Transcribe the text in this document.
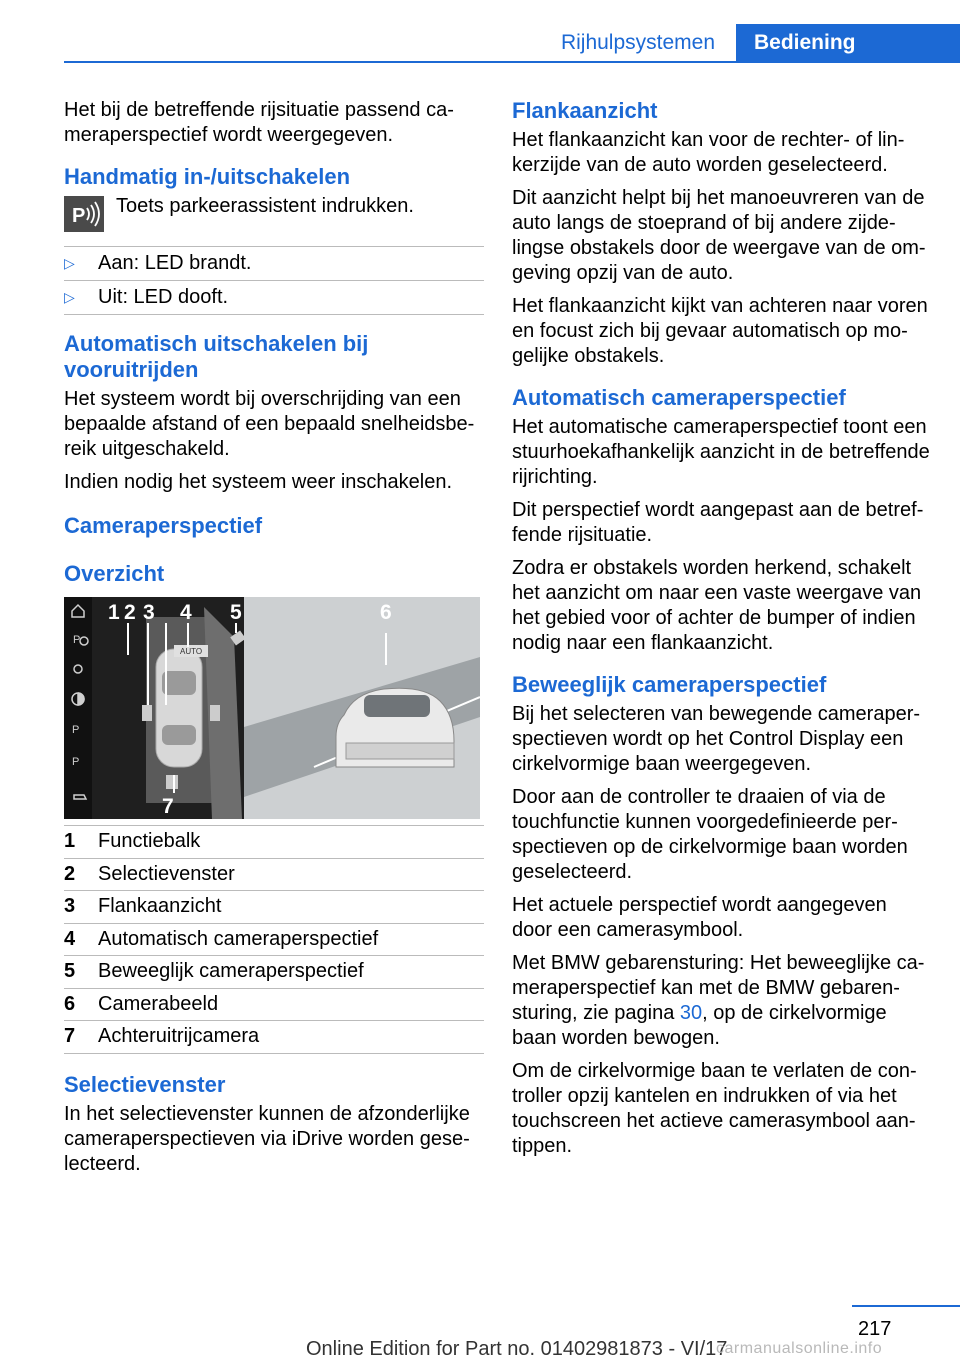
Rijhulpsystemen	Bediening

Het bij de betreffende rijsituatie passend cameraperspectief wordt weergegeven.

Handmatig in-/uitschakelen
P Toets parkeerassistent indrukken.
▷ Aan: LED brandt.
▷ Uit: LED dooft.
Automatisch uitschakelen bij vooruitrijden

Het systeem wordt bij overschrijding van een bepaalde afstand of een bepaald snelheidsbereik uitgeschakeld.

Indien nodig het systeem weer inschakelen.

Cameraperspectief
Overzicht
P
P
P
AUTO
1 2 3 4 5	6
7
1 Functiebalk
2 Selectievenster
3 Flankaanzicht
4 Automatisch cameraperspectief
5 Beweeglijk cameraperspectief
6 Camerabeeld
7 Achteruitrijcamera
Selectievenster

In het selectievenster kunnen de afzonderlijke cameraperspectieven via iDrive worden geselecteerd.

Flankaanzicht

Het flankaanzicht kan voor de rechter- of linkerzijde van de auto worden geselecteerd.

Dit aanzicht helpt bij het manoeuvreren van de auto langs de stoeprand of bij andere zijdelingse obstakels door de weergave van de omgeving opzij van de auto.

Het flankaanzicht kijkt van achteren naar voren en focust zich bij gevaar automatisch op mogelijke obstakels.

Automatisch cameraperspectief

Het automatische cameraperspectief toont een stuurhoekafhankelijk aanzicht in de betreffende rijrichting.

Dit perspectief wordt aangepast aan de betreffende rijsituatie.

Zodra er obstakels worden herkend, schakelt het aanzicht om naar een vaste weergave van het gebied voor of achter de bumper of indien nodig naar een flankaanzicht.

Beweeglijk cameraperspectief

Bij het selecteren van bewegende cameraperspectieven wordt op het Control Display een cirkelvormige baan weergegeven.

Door aan de controller te draaien of via de touchfunctie kunnen voorgedefinieerde perspectieven op de cirkelvormige baan worden geselecteerd.

Het actuele perspectief wordt aangegeven door een camerasymbool.

Met BMW gebarensturing: Het beweeglijke cameraperspectief kan met de BMW gebarensturing, zie pagina 30, op de cirkelvormige baan worden bewogen.

Om de cirkelvormige baan te verlaten de controller opzij kantelen en indrukken of via het touchscreen het actieve camerasymbool aantippen.

217
Online Edition for Part no. 01402981873 - VI/17
carmanualsonline.info
